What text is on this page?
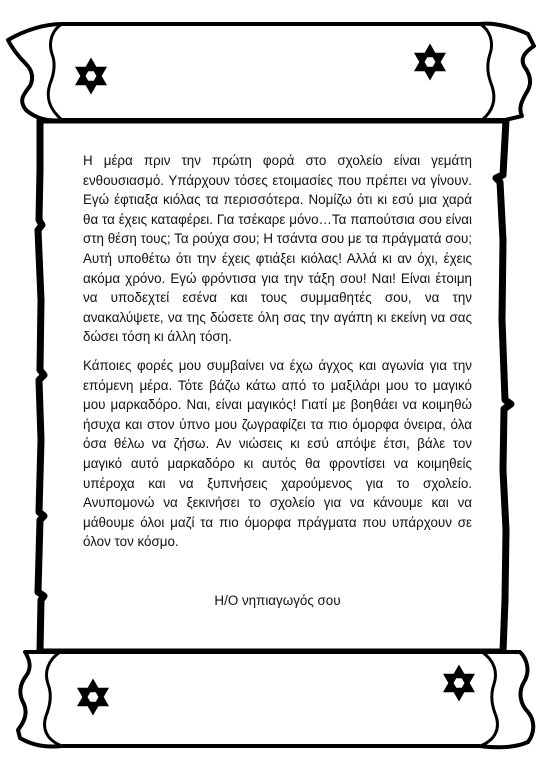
Η μέρα πριν την πρώτη φορά στο σχολείο είναι γεμάτη ενθουσιασμό. Υπάρχουν τόσες ετοιμασίες που πρέπει να γίνουν. Εγώ έφτιαξα κιόλας τα περισσότερα. Νομίζω ότι κι εσύ μια χαρά θα τα έχεις καταφέρει. Για τσέκαρε μόνο…Τα παπούτσια σου είναι στη θέση τους; Τα ρούχα σου; Η τσάντα σου με τα πράγματά σου; Αυτή υποθέτω ότι την έχεις φτιάξει κιόλας! Αλλά κι αν όχι, έχεις ακόμα χρόνο. Εγώ φρόντισα για την τάξη σου! Ναι! Είναι έτοιμη να υποδεχτεί εσένα και τους συμμαθητές σου, να την ανακαλύψετε, να της δώσετε όλη σας την αγάπη κι εκείνη να σας δώσει τόση κι άλλη τόση.

Κάποιες φορές μου συμβαίνει να έχω άγχος και αγωνία για την επόμενη μέρα. Τότε βάζω κάτω από το μαξιλάρι μου το μαγικό μου μαρκαδόρο. Ναι, είναι μαγικός! Γιατί με βοηθάει να κοιμηθώ ήσυχα και στον ύπνο μου ζωγραφίζει τα πιο όμορφα όνειρα, όλα όσα θέλω να ζήσω. Αν νιώσεις κι εσύ απόψε έτσι, βάλε τον μαγικό αυτό μαρκαδόρο κι αυτός θα φροντίσει να κοιμηθείς υπέροχα και να ξυπνήσεις χαρούμενος για το σχολείο. Ανυπομονώ να ξεκινήσει το σχολείο για να κάνουμε και να μάθουμε όλοι μαζί τα πιο όμορφα πράγματα που υπάρχουν σε όλον τον κόσμο.

Η/Ο νηπιαγωγός σου
